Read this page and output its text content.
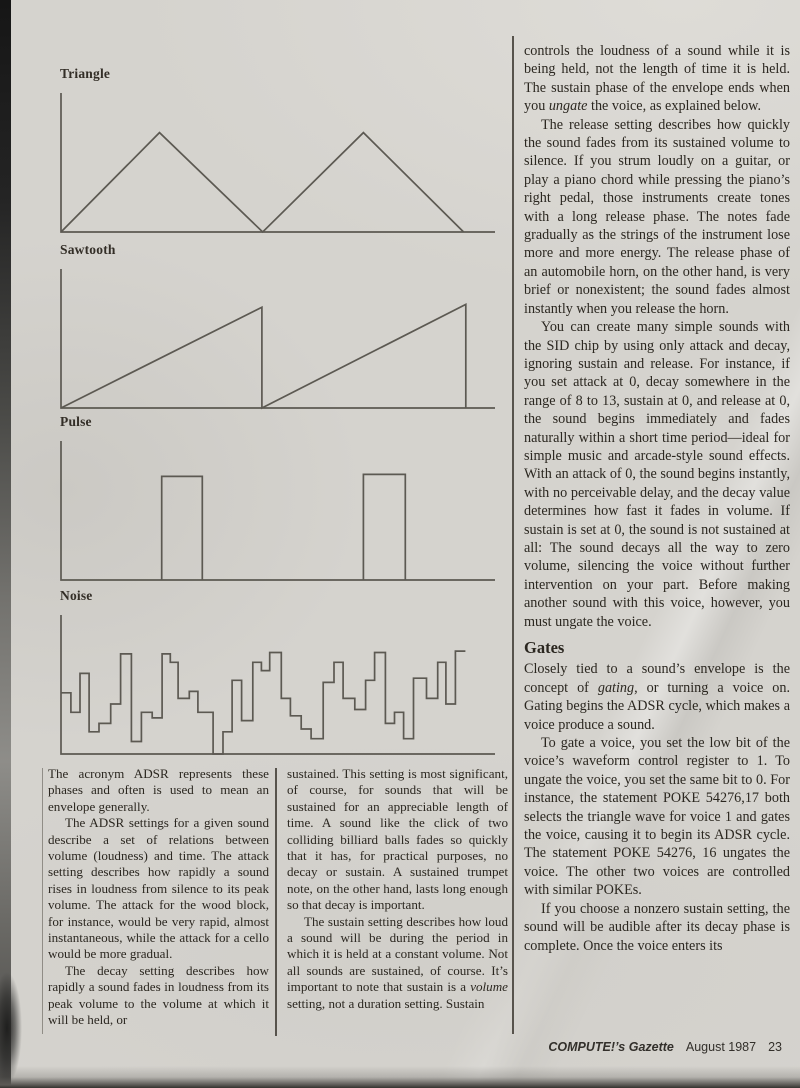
Triangle
Sawtooth
Pulse
Noise

The acronym ADSR represents these phases and often is used to mean an envelope generally.

The ADSR settings for a given sound describe a set of relations between volume (loudness) and time. The attack setting describes how rapidly a sound rises in loudness from silence to its peak volume. The attack for the wood block, for instance, would be very rapid, almost instantaneous, while the attack for a cello would be more gradual.

The decay setting describes how rapidly a sound fades in loudness from its peak volume to the volume at which it will be held, or

sustained. This setting is most significant, of course, for sounds that will be sustained for an appreciable length of time. A sound like the click of two colliding billiard balls fades so quickly that it has, for practical purposes, no decay or sustain. A sustained trumpet note, on the other hand, lasts long enough so that decay is important.

The sustain setting describes how loud a sound will be during the period in which it is held at a constant volume. Not all sounds are sustained, of course. It’s important to note that sustain is a volume setting, not a duration setting. Sustain

controls the loudness of a sound while it is being held, not the length of time it is held. The sustain phase of the envelope ends when you ungate the voice, as explained below.

The release setting describes how quickly the sound fades from its sustained volume to silence. If you strum loudly on a guitar, or play a piano chord while pressing the piano’s right pedal, those instruments create tones with a long release phase. The notes fade gradually as the strings of the instrument lose more and more energy. The release phase of an automobile horn, on the other hand, is very brief or nonexistent; the sound fades almost instantly when you release the horn.

You can create many simple sounds with the SID chip by using only attack and decay, ignoring sustain and release. For instance, if you set attack at 0, decay somewhere in the range of 8 to 13, sustain at 0, and release at 0, the sound begins immediately and fades naturally within a short time period—ideal for simple music and arcade-style sound effects. With an attack of 0, the sound begins instantly, with no perceivable delay, and the decay value determines how fast it fades in volume. If sustain is set at 0, the sound is not sustained at all: The sound decays all the way to zero volume, silencing the voice without further intervention on your part. Before making another sound with this voice, however, you must ungate the voice.

Gates

Closely tied to a sound’s envelope is the concept of gating, or turning a voice on. Gating begins the ADSR cycle, which makes a voice produce a sound.

To gate a voice, you set the low bit of the voice’s waveform control register to 1. To ungate the voice, you set the same bit to 0. For instance, the statement POKE 54276,17 both selects the triangle wave for voice 1 and gates the voice, causing it to begin its ADSR cycle. The statement POKE 54276, 16 ungates the voice. The other two voices are controlled with similar POKEs.

If you choose a nonzero sustain setting, the sound will be audible after its decay phase is complete. Once the voice enters its

COMPUTE!’s Gazette August 1987 23
